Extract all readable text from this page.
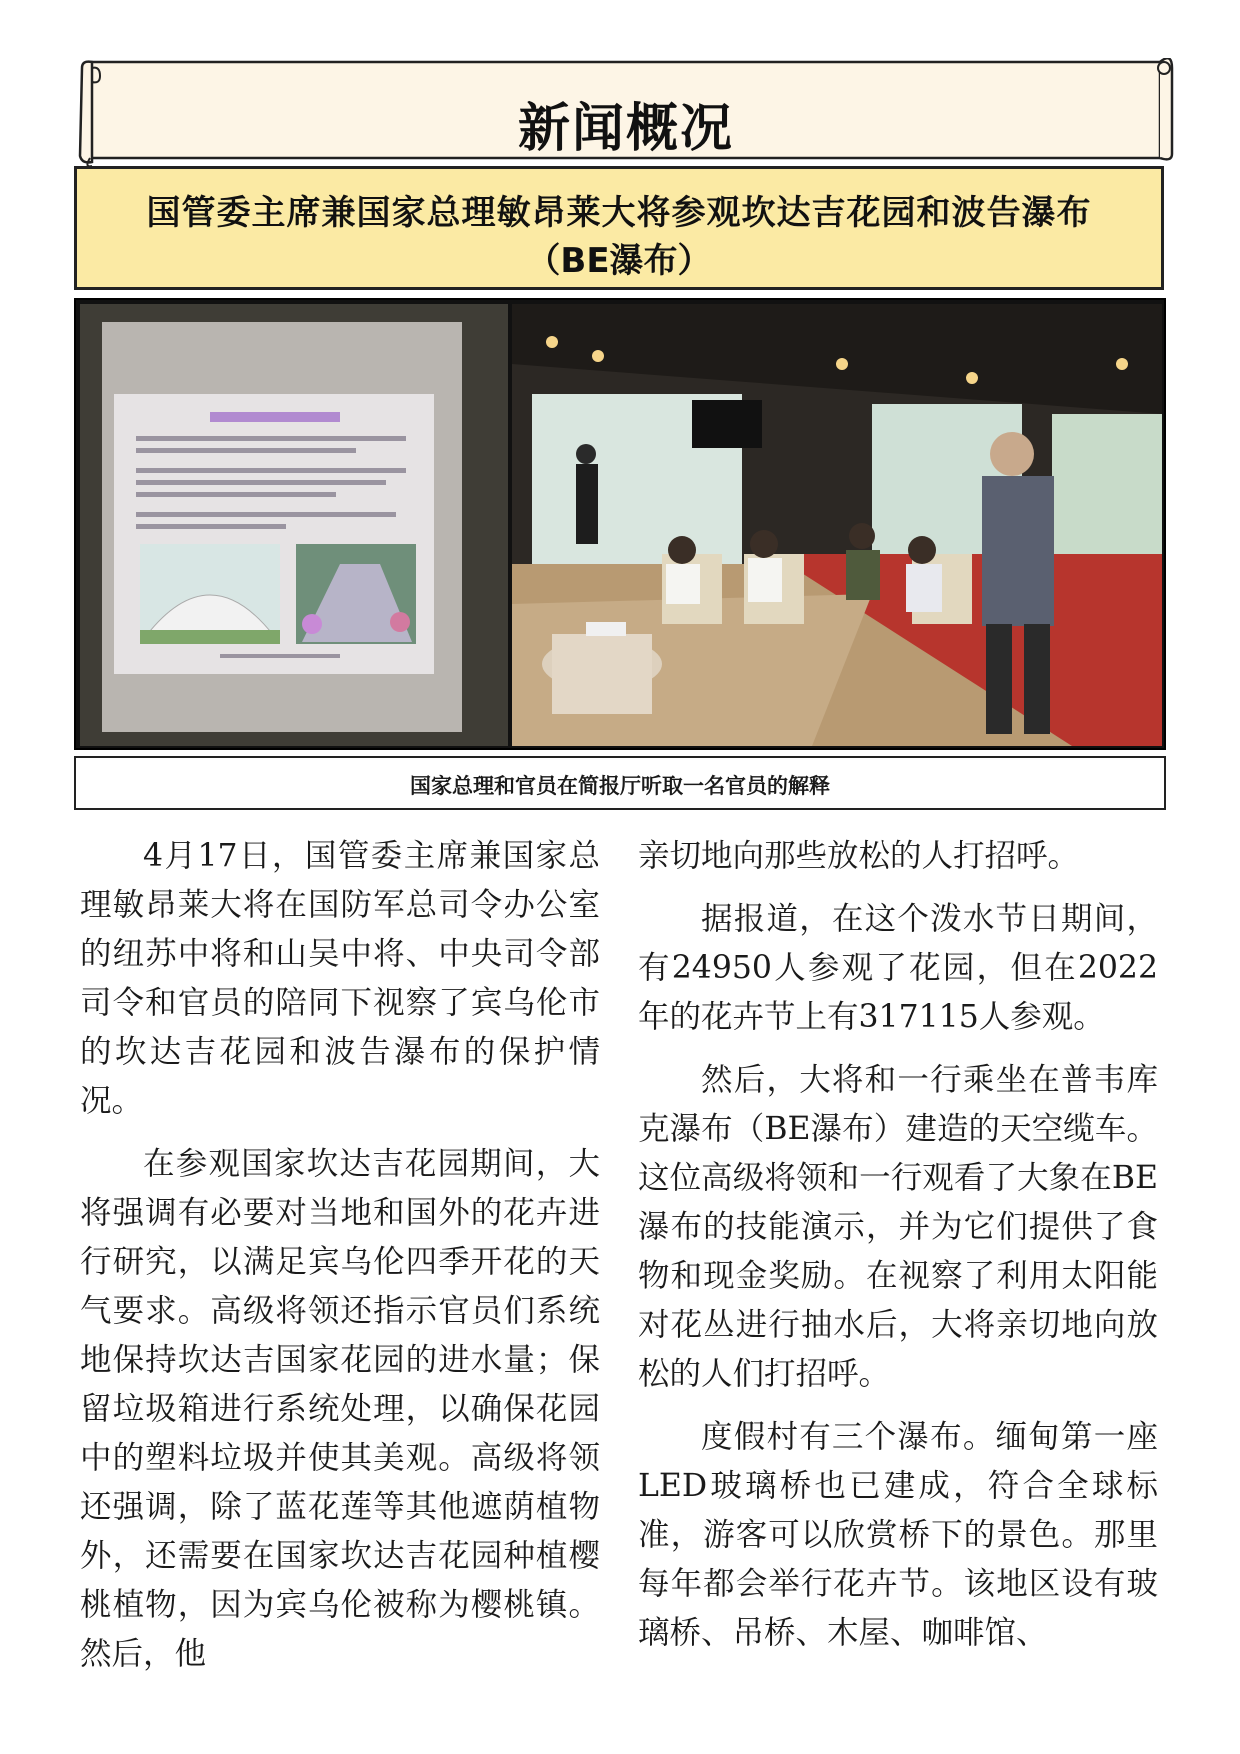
新闻概况
国管委主席兼国家总理敏昂莱大将参观坎达吉花园和波告瀑布
（BE瀑布）
国家总理和官员在简报厅听取一名官员的解释

4月17日，国管委主席兼国家总理敏昂莱大将在国防军总司令办公室的纽苏中将和山吴中将、中央司令部司令和官员的陪同下视察了宾乌伦市的坎达吉花园和波告瀑布的保护情况。

在参观国家坎达吉花园期间，大将强调有必要对当地和国外的花卉进行研究，以满足宾乌伦四季开花的天气要求。高级将领还指示官员们系统地保持坎达吉国家花园的进水量；保留垃圾箱进行系统处理，以确保花园中的塑料垃圾并使其美观。高级将领还强调，除了蓝花莲等其他遮荫植物外，还需要在国家坎达吉花园种植樱桃植物，因为宾乌伦被称为樱桃镇。然后，他

亲切地向那些放松的人打招呼。

据报道，在这个泼水节日期间，有24950人参观了花园，但在2022年的花卉节上有317115人参观。

然后，大将和一行乘坐在普韦库克瀑布（BE瀑布）建造的天空缆车。这位高级将领和一行观看了大象在BE瀑布的技能演示，并为它们提供了食物和现金奖励。在视察了利用太阳能对花丛进行抽水后，大将亲切地向放松的人们打招呼。

度假村有三个瀑布。缅甸第一座LED玻璃桥也已建成，符合全球标准，游客可以欣赏桥下的景色。那里每年都会举行花卉节。该地区设有玻璃桥、吊桥、木屋、咖啡馆、
